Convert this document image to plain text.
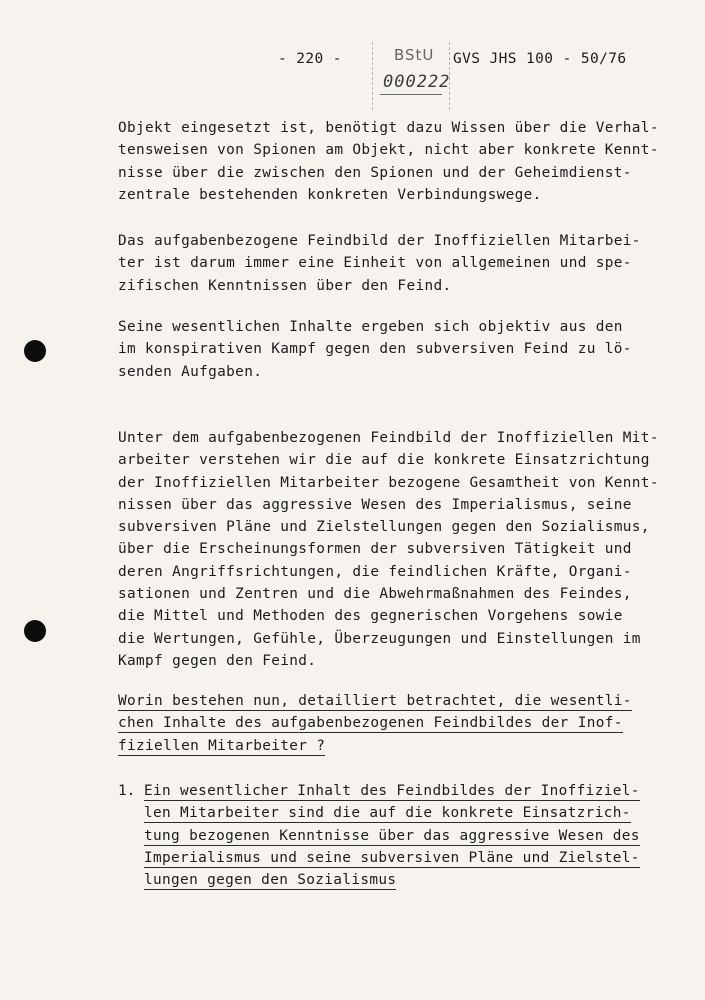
- 220 -	GVS JHS 100 - 50/76
BStU
000222
Objekt eingesetzt ist, benötigt dazu Wissen über die Verhal-
tensweisen von Spionen am Objekt, nicht aber konkrete Kennt-
nisse über die zwischen den Spionen und der Geheimdienst-
zentrale bestehenden konkreten Verbindungswege.
Das aufgabenbezogene Feindbild der Inoffiziellen Mitarbei-
ter ist darum immer eine Einheit von allgemeinen und spe-
zifischen Kenntnissen über den Feind.
Seine wesentlichen Inhalte ergeben sich objektiv aus den
im konspirativen Kampf gegen den subversiven Feind zu lö-
senden Aufgaben.
Unter dem aufgabenbezogenen Feindbild der Inoffiziellen Mit-
arbeiter verstehen wir die auf die konkrete Einsatzrichtung
der Inoffiziellen Mitarbeiter bezogene Gesamtheit von Kennt-
nissen über das aggressive Wesen des Imperialismus, seine
subversiven Pläne und Zielstellungen gegen den Sozialismus,
über die Erscheinungsformen der subversiven Tätigkeit und
deren Angriffsrichtungen, die feindlichen Kräfte, Organi-
sationen und Zentren und die Abwehrmaßnahmen des Feindes,
die Mittel und Methoden des gegnerischen Vorgehens sowie
die Wertungen, Gefühle, Überzeugungen und Einstellungen im
Kampf gegen den Feind.
Worin bestehen nun, detailliert betrachtet, die wesentli-
chen Inhalte des aufgabenbezogenen Feindbildes der Inof-
fiziellen Mitarbeiter ?
1. Ein wesentlicher Inhalt des Feindbildes der Inoffiziel-
len Mitarbeiter sind die auf die konkrete Einsatzrich-
tung bezogenen Kenntnisse über das aggressive Wesen des
Imperialismus und seine subversiven Pläne und Zielstel-
lungen gegen den Sozialismus
